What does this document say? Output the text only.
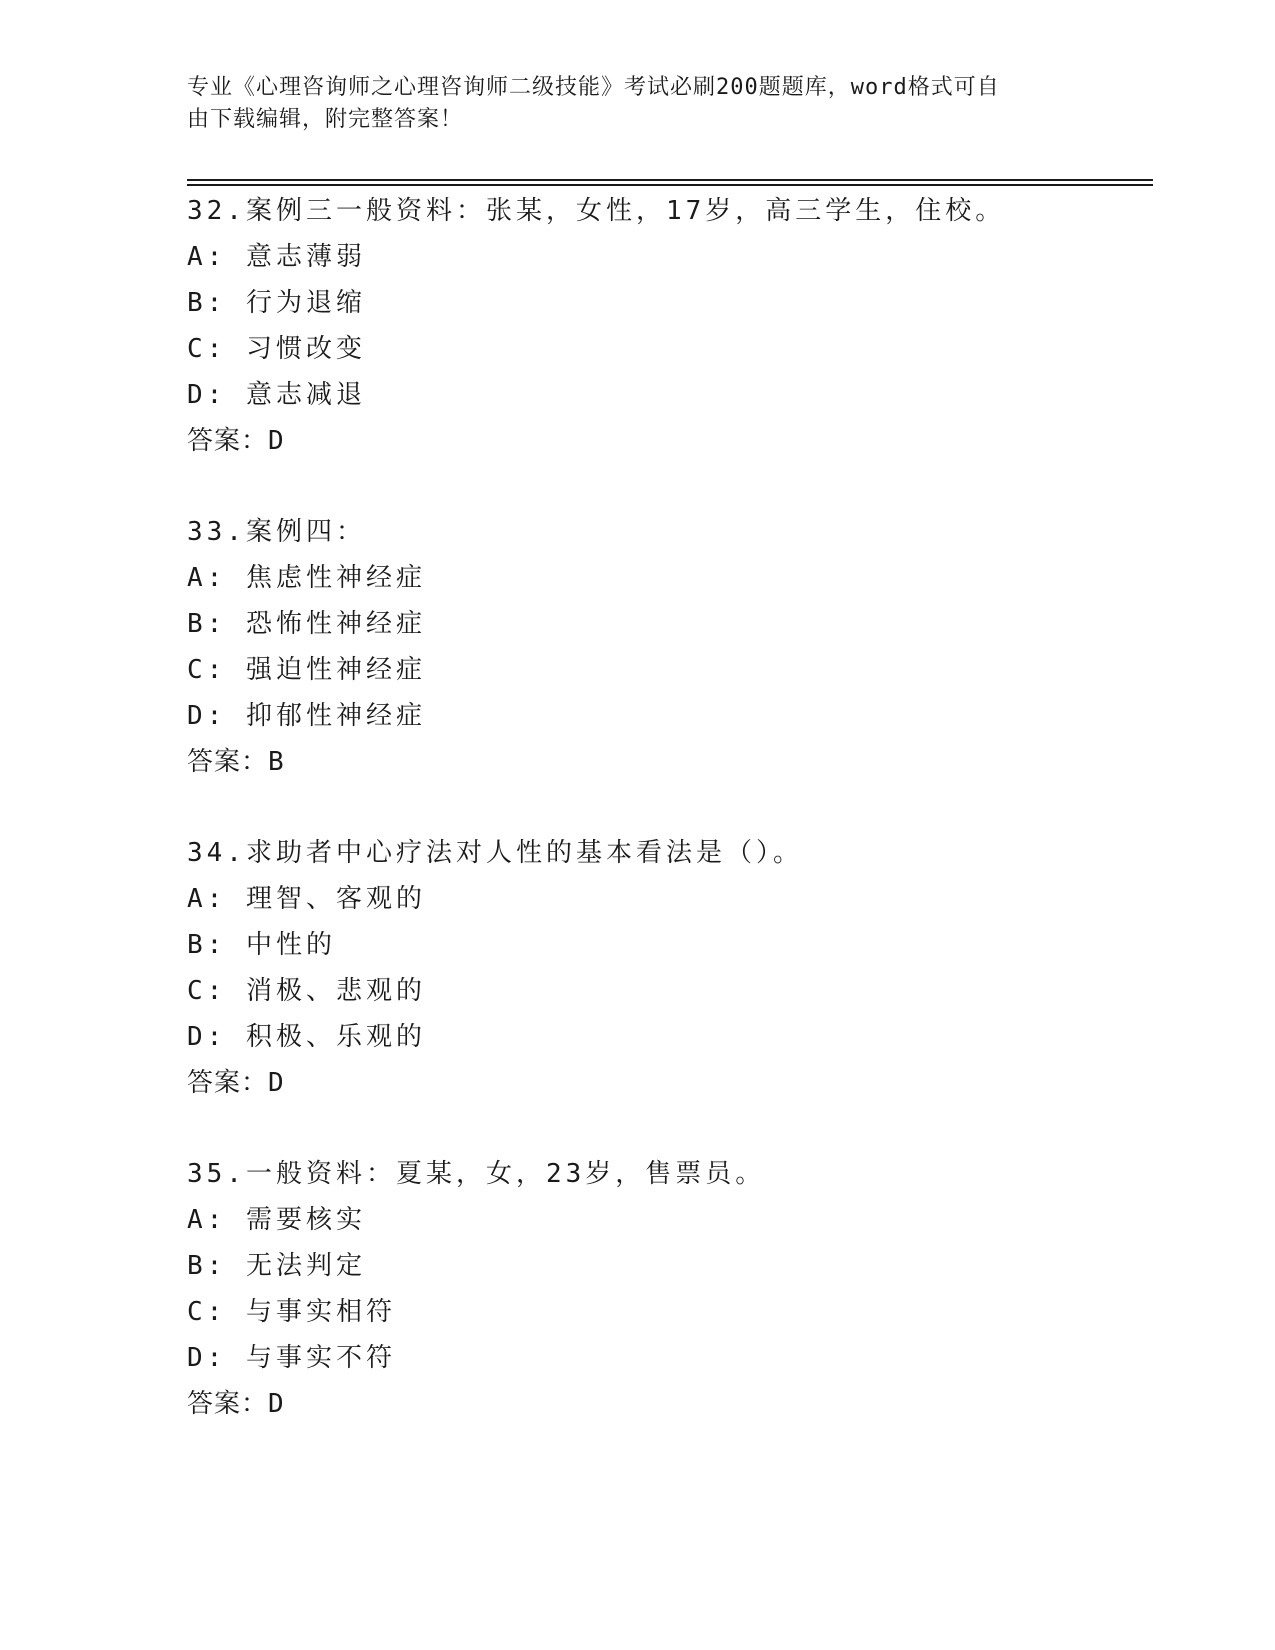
专业《心理咨询师之心理咨询师二级技能》考试必刷200题题库，word格式可自
由下载编辑，附完整答案！
32.案例三一般资料：张某，女性，17岁，高三学生，住校。
A: 意志薄弱
B: 行为退缩
C: 习惯改变
D: 意志减退
答案：D
33.案例四：
A: 焦虑性神经症
B: 恐怖性神经症
C: 强迫性神经症
D: 抑郁性神经症
答案：B
34.求助者中心疗法对人性的基本看法是（）。
A: 理智、客观的
B: 中性的
C: 消极、悲观的
D: 积极、乐观的
答案：D
35.一般资料：夏某，女，23岁，售票员。
A: 需要核实
B: 无法判定
C: 与事实相符
D: 与事实不符
答案：D
